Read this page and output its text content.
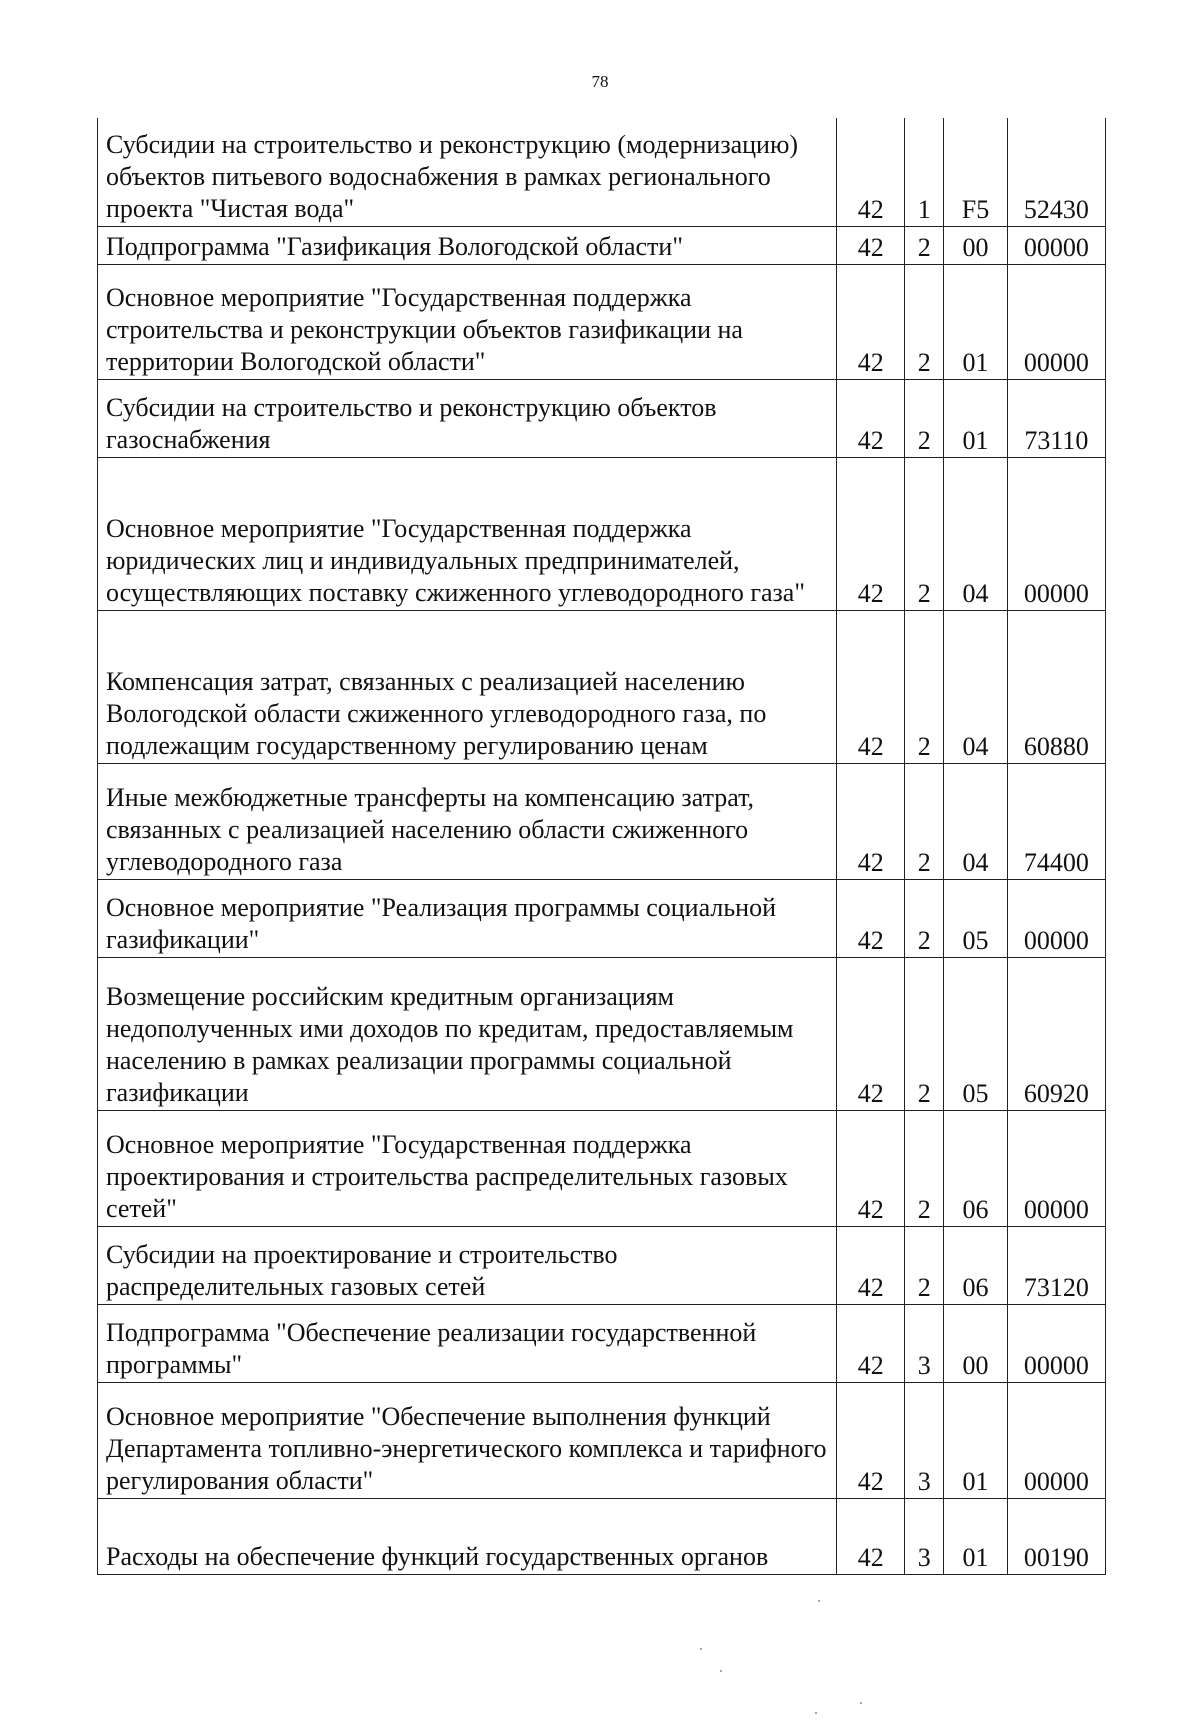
78
Субсидии на строительство и реконструкцию (модернизацию) объектов питьевого водоснабжения в рамках регионального проекта "Чистая вода"	42	1	F5	52430

Подпрограмма "Газификация Вологодской области"	42	2	00	00000

Основное мероприятие "Государственная поддержка строительства и реконструкции объектов газификации на территории Вологодской области"	42	2	01	00000

Субсидии на строительство и реконструкцию объектов газоснабжения	42	2	01	73110

Основное мероприятие "Государственная поддержка юридических лиц и индивидуальных предпринимателей, осуществляющих поставку сжиженного углеводородного газа"	42	2	04	00000

Компенсация затрат, связанных с реализацией населению Вологодской области сжиженного углеводородного газа, по подлежащим государственному регулированию ценам	42	2	04	60880

Иные межбюджетные трансферты на компенсацию затрат, связанных с реализацией населению области сжиженного углеводородного газа	42	2	04	74400

Основное мероприятие "Реализация программы социальной газификации"	42	2	05	00000

Возмещение российским кредитным организациям недополученных ими доходов по кредитам, предоставляемым населению в рамках реализации программы социальной газификации	42	2	05	60920

Основное мероприятие "Государственная поддержка проектирования и строительства распределительных газовых сетей"	42	2	06	00000

Субсидии на проектирование и строительство распределительных газовых сетей	42	2	06	73120

Подпрограмма "Обеспечение реализации государственной программы"	42	3	00	00000

Основное мероприятие "Обеспечение выполнения функций Департамента топливно-энергетического комплекса и тарифного регулирования области"	42	3	01	00000

Расходы на обеспечение функций государственных органов	42	3	01	00190
